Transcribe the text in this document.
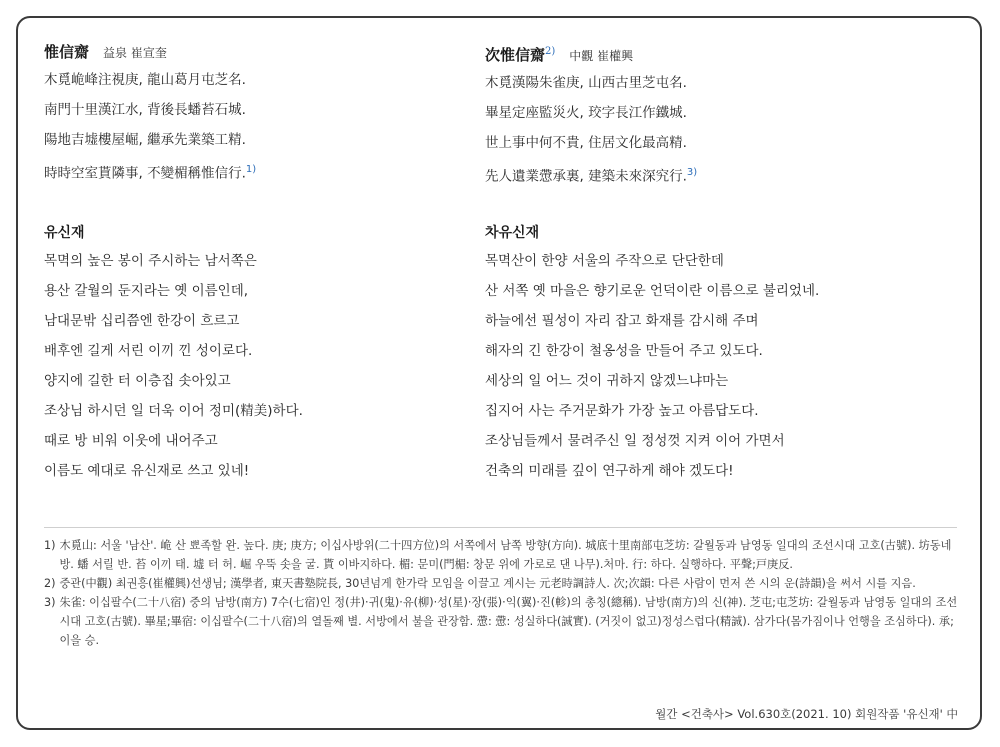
惟信齋 益泉 崔宣奎
木覓峗峰注視庚, 龍山葛月屯芝名.
南門十里漢江水, 背後長蟠苔石城.
陽地吉墟樓屋崛, 繼承先業築工精.
時時空室貰隣事, 不變楣稱惟信行.$^{1)}$
次惟信齋$^{2)}$ 中觀 崔權興
木覓漢陽朱雀庚, 山西古里芝屯名.
畢星定座監災火, 珓字長江作鐵城.
世上事中何不貴, 住居文化最高精.
先人遺業慸承裏, 建築未來深究行.$^{3)}$
유신재
목멱의 높은 봉이 주시하는 남서쪽은
용산 갈월의 둔지라는 옛 이름인데,
남대문밖 십리쯤엔 한강이 흐르고
배후엔 길게 서린 이끼 낀 성이로다.
양지에 길한 터 이층집 솟아있고
조상님 하시던 일 더욱 이어 정미(精美)하다.
때로 방 비워 이웃에 내어주고
이름도 예대로 유신재로 쓰고 있네!
차유신재
목멱산이 한양 서울의 주작으로 단단한데
산 서쪽 옛 마을은 향기로운 언덕이란 이름으로 불리었네.
하늘에선 필성이 자리 잡고 화재를 감시해 주며
해자의 긴 한강이 철옹성을 만들어 주고 있도다.
세상의 일 어느 것이 귀하지 않겠느냐마는
집지어 사는 주거문화가 가장 높고 아름답도다.
조상님들께서 물려주신 일 정성껏 지켜 이어 가면서
건축의 미래를 깊이 연구하게 해야 겠도다!
1) 木覓山: 서울 '남산'. 峗 산 뾰족할 완. 높다. 庚; 庚方; 이십사방위(二十四方位)의 서쪽에서 남쪽 방향(方向). 城底十里南部屯芝坊: 갈월동과 남영동 일대의 조선시대 고호(古號). 坊동네 방. 蟠 서릴 반. 苔 이끼 태. 墟 터 허. 崛 우뚝 솟을 굴. 貰 이바지하다. 楣: 문미(門楣: 창문 위에 가로로 댄 나무).처마. 行: 하다. 실행하다. 平聲;戸庚反.
2) 중관(中觀) 최권흥(崔權興)선생님; 漢學者, 東天書塾院長, 30년넘게 한가락 모임을 이끌고 계시는 元老時調詩人. 次;次韻: 다른 사람이 먼저 쓴 시의 운(詩韻)을 써서 시를 지음.
3) 朱雀: 이십팔수(二十八宿) 중의 남방(南方) 7수(七宿)인 정(井)·귀(鬼)·유(柳)·성(星)·장(張)·익(翼)·진(軫)의 총칭(總稱). 남방(南方)의 신(神). 芝屯;屯芝坊: 갈월동과 남영동 일대의 조선시대 고호(古號). 畢星;畢宿: 이십팔수(二十八宿)의 열돌째 별. 서방에서 불을 관장함. 慸: 慸: 성실하다(誠實). (거짓이 없고)정성스럽다(精誠). 삼가다(몸가짐이나 언행을 조심하다). 承; 이을 승.
월간 <건축사> Vol.630호(2021. 10) 회원작품 '유신재' 中
